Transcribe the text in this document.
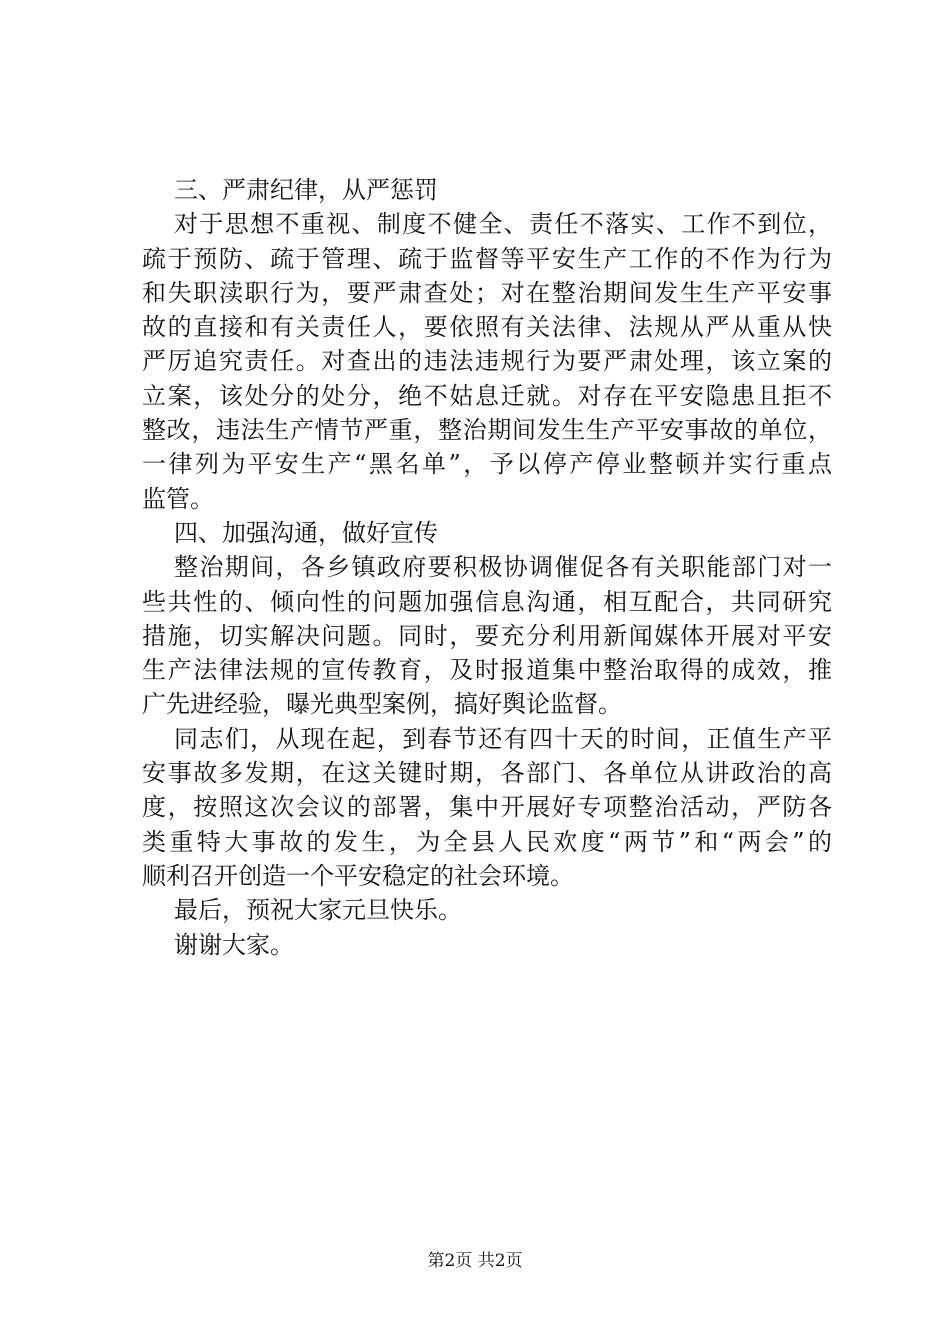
三、严肃纪律，从严惩罚
对于思想不重视、制度不健全、责任不落实、工作不到位，
疏于预防、疏于管理、疏于监督等平安生产工作的不作为行为
和失职渎职行为，要严肃查处；对在整治期间发生生产平安事
故的直接和有关责任人，要依照有关法律、法规从严从重从快
严厉追究责任。对查出的违法违规行为要严肃处理，该立案的
立案，该处分的处分，绝不姑息迁就。对存在平安隐患且拒不
整改，违法生产情节严重，整治期间发生生产平安事故的单位，
一律列为平安生产“黑名单”，予以停产停业整顿并实行重点
监管。
四、加强沟通，做好宣传
整治期间，各乡镇政府要积极协调催促各有关职能部门对一
些共性的、倾向性的问题加强信息沟通，相互配合，共同研究
措施，切实解决问题。同时，要充分利用新闻媒体开展对平安
生产法律法规的宣传教育，及时报道集中整治取得的成效，推
广先进经验，曝光典型案例，搞好舆论监督。
同志们，从现在起，到春节还有四十天的时间，正值生产平
安事故多发期，在这关键时期，各部门、各单位从讲政治的高
度，按照这次会议的部署，集中开展好专项整治活动，严防各
类重特大事故的发生，为全县人民欢度“两节”和“两会”的
顺利召开创造一个平安稳定的社会环境。
最后，预祝大家元旦快乐。
谢谢大家。
第2页 共2页
